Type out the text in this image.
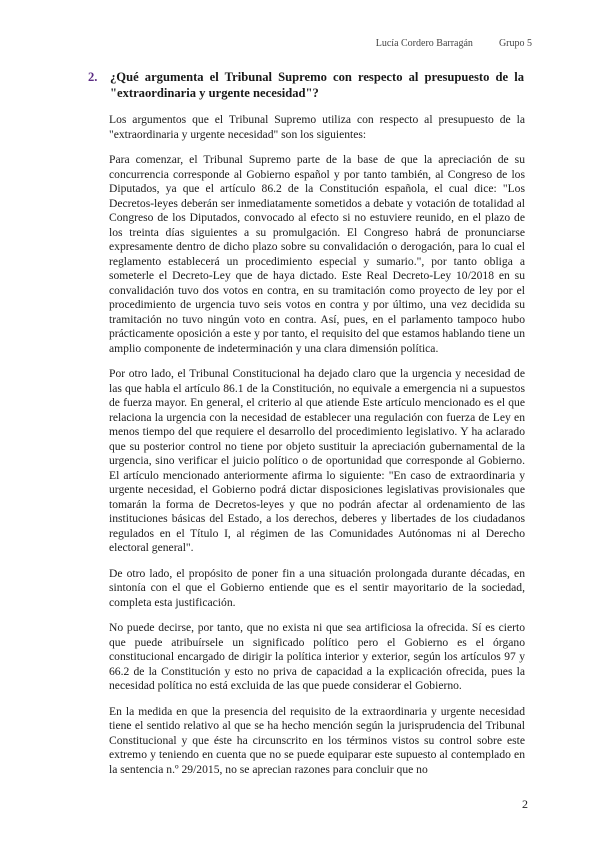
Lucía Cordero Barragán	Grupo 5
2. ¿Qué argumenta el Tribunal Supremo con respecto al presupuesto de la "extraordinaria y urgente necesidad"?

Los argumentos que el Tribunal Supremo utiliza con respecto al presupuesto de la "extraordinaria y urgente necesidad" son los siguientes:

Para comenzar, el Tribunal Supremo parte de la base de que la apreciación de su concurrencia corresponde al Gobierno español y por tanto también, al Congreso de los Diputados, ya que el artículo 86.2 de la Constitución española, el cual dice: "Los Decretos-leyes deberán ser inmediatamente sometidos a debate y votación de totalidad al Congreso de los Diputados, convocado al efecto si no estuviere reunido, en el plazo de los treinta días siguientes a su promulgación. El Congreso habrá de pronunciarse expresamente dentro de dicho plazo sobre su convalidación o derogación, para lo cual el reglamento establecerá un procedimiento especial y sumario.", por tanto obliga a someterle el Decreto-Ley que de haya dictado. Este Real Decreto-Ley 10/2018 en su convalidación tuvo dos votos en contra, en su tramitación como proyecto de ley por el procedimiento de urgencia tuvo seis votos en contra y por último, una vez decidida su tramitación no tuvo ningún voto en contra. Así, pues, en el parlamento tampoco hubo prácticamente oposición a este y por tanto, el requisito del que estamos hablando tiene un amplio componente de indeterminación y una clara dimensión política.

Por otro lado, el Tribunal Constitucional ha dejado claro que la urgencia y necesidad de las que habla el artículo 86.1 de la Constitución, no equivale a emergencia ni a supuestos de fuerza mayor. En general, el criterio al que atiende Este artículo mencionado es el que relaciona la urgencia con la necesidad de establecer una regulación con fuerza de Ley en menos tiempo del que requiere el desarrollo del procedimiento legislativo. Y ha aclarado que su posterior control no tiene por objeto sustituir la apreciación gubernamental de la urgencia, sino verificar el juicio político o de oportunidad que corresponde al Gobierno. El artículo mencionado anteriormente afirma lo siguiente: "En caso de extraordinaria y urgente necesidad, el Gobierno podrá dictar disposiciones legislativas provisionales que tomarán la forma de Decretos-leyes y que no podrán afectar al ordenamiento de las instituciones básicas del Estado, a los derechos, deberes y libertades de los ciudadanos regulados en el Título I, al régimen de las Comunidades Autónomas ni al Derecho electoral general".

De otro lado, el propósito de poner fin a una situación prolongada durante décadas, en sintonía con el que el Gobierno entiende que es el sentir mayoritario de la sociedad, completa esta justificación.

No puede decirse, por tanto, que no exista ni que sea artificiosa la ofrecida. Sí es cierto que puede atribuírsele un significado político pero el Gobierno es el órgano constitucional encargado de dirigir la política interior y exterior, según los artículos 97 y 66.2 de la Constitución y esto no priva de capacidad a la explicación ofrecida, pues la necesidad política no está excluida de las que puede considerar el Gobierno.

En la medida en que la presencia del requisito de la extraordinaria y urgente necesidad tiene el sentido relativo al que se ha hecho mención según la jurisprudencia del Tribunal Constitucional y que éste ha circunscrito en los términos vistos su control sobre este extremo y teniendo en cuenta que no se puede equiparar este supuesto al contemplado en la sentencia n.º 29/2015, no se aprecian razones para concluir que no

2
